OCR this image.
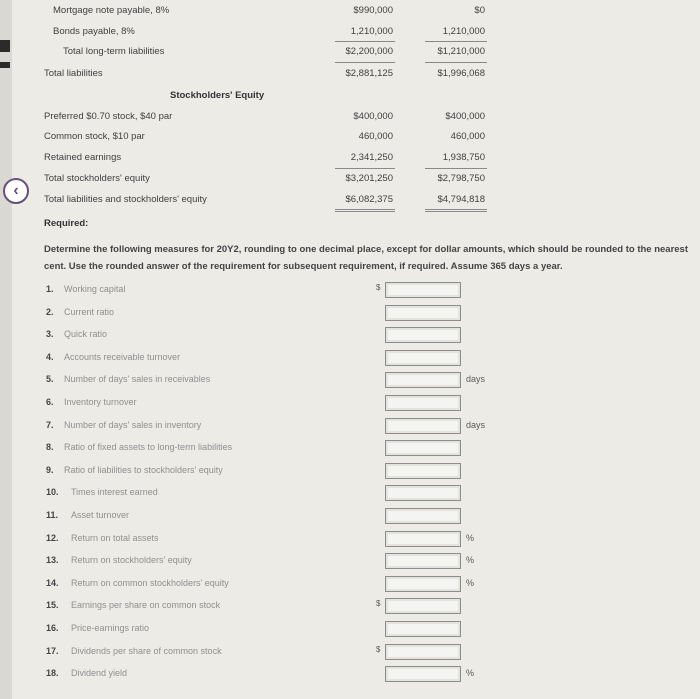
‹
Mortgage note payable, 8%	$990,000	$0
Bonds payable, 8%	1,210,000	1,210,000
Total long-term liabilities	$2,200,000	$1,210,000
Total liabilities	$2,881,125	$1,996,068
Stockholders' Equity
Preferred $0.70 stock, $40 par	$400,000	$400,000
Common stock, $10 par	460,000	460,000
Retained earnings	2,341,250	1,938,750
Total stockholders' equity	$3,201,250	$2,798,750
Total liabilities and stockholders' equity	$6,082,375	$4,794,818
Required:
Determine the following measures for 20Y2, rounding to one decimal place, except for dollar amounts, which should be rounded to the nearest cent. Use the rounded answer of the requirement for subsequent requirement, if required. Assume 365 days a year.
1. Working capital	$
2. Current ratio
3. Quick ratio
4. Accounts receivable turnover
5. Number of days' sales in receivables	days
6. Inventory turnover
7. Number of days' sales in inventory	days
8. Ratio of fixed assets to long-term liabilities
9. Ratio of liabilities to stockholders' equity
10. Times interest earned
11. Asset turnover
12. Return on total assets	%
13. Return on stockholders' equity	%
14. Return on common stockholders' equity	%
15. Earnings per share on common stock	$
16. Price-earnings ratio
17. Dividends per share of common stock	$
18. Dividend yield	%
